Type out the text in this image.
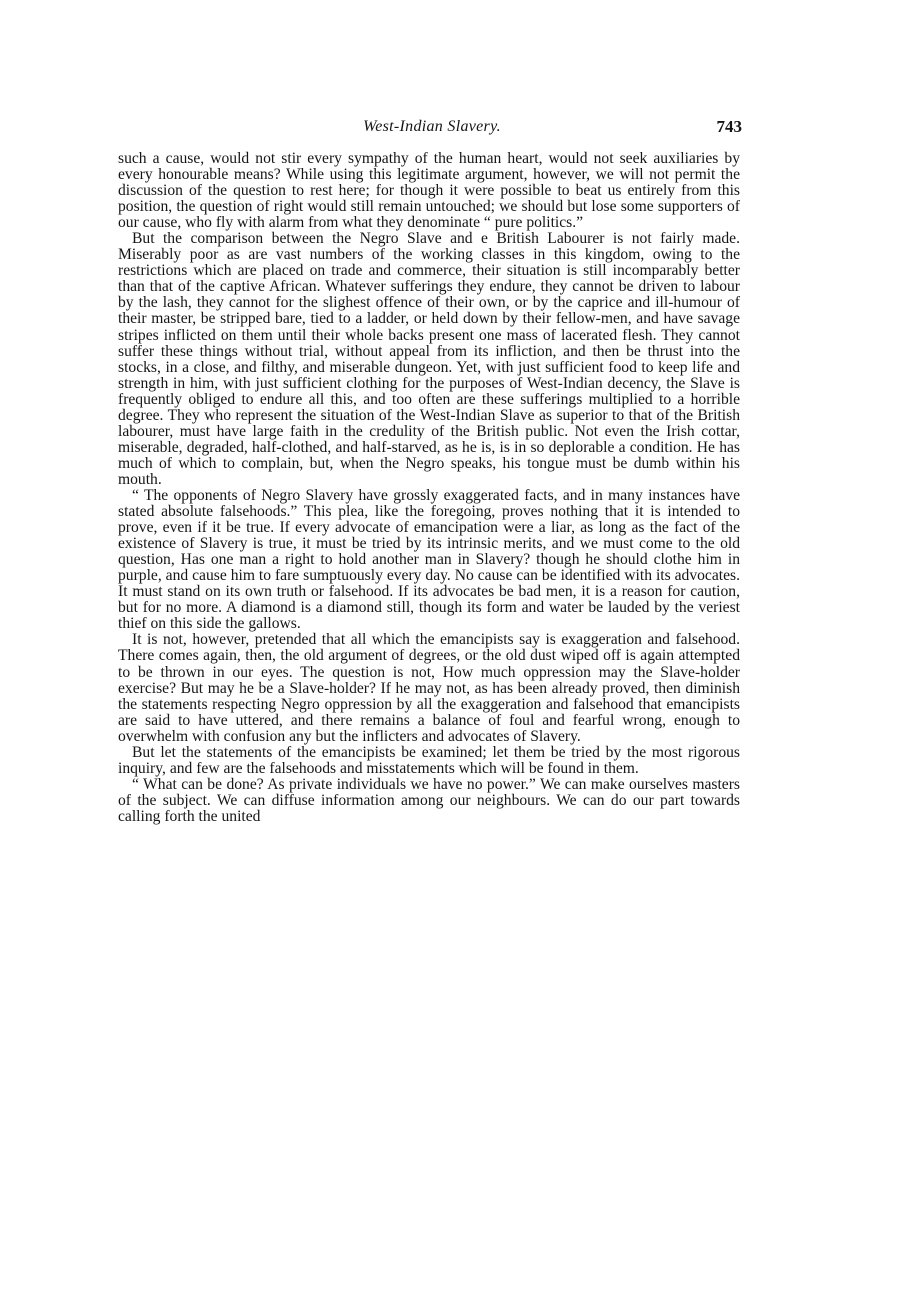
West-Indian Slavery.	743

such a cause, would not stir every sympathy of the human heart, would not seek auxiliaries by every honourable means? While using this legitimate argument, however, we will not permit the discussion of the question to rest here; for though it were possible to beat us entirely from this position, the question of right would still remain untouched; we should but lose some supporters of our cause, who fly with alarm from what they denominate “ pure politics.”

But the comparison between the Negro Slave and e British Labourer is not fairly made. Miserably poor as are vast numbers of the working classes in this kingdom, owing to the restrictions which are placed on trade and commerce, their situation is still incomparably better than that of the captive African. Whatever sufferings they endure, they cannot be driven to labour by the lash, they cannot for the slighest offence of their own, or by the caprice and ill-humour of their master, be stripped bare, tied to a ladder, or held down by their fellow-men, and have savage stripes inflicted on them until their whole backs present one mass of lacerated flesh. They cannot suffer these things without trial, without appeal from its infliction, and then be thrust into the stocks, in a close, and filthy, and miserable dungeon. Yet, with just sufficient food to keep life and strength in him, with just sufficient clothing for the purposes of West-Indian decency, the Slave is frequently obliged to endure all this, and too often are these sufferings multiplied to a horrible degree. They who represent the situation of the West-Indian Slave as superior to that of the British labourer, must have large faith in the credulity of the British public. Not even the Irish cottar, miserable, degraded, half-clothed, and half-starved, as he is, is in so deplorable a condition. He has much of which to complain, but, when the Negro speaks, his tongue must be dumb within his mouth.

“ The opponents of Negro Slavery have grossly exaggerated facts, and in many instances have stated absolute falsehoods.” This plea, like the foregoing, proves nothing that it is intended to prove, even if it be true. If every advocate of emancipation were a liar, as long as the fact of the existence of Slavery is true, it must be tried by its intrinsic merits, and we must come to the old question, Has one man a right to hold another man in Slavery? though he should clothe him in purple, and cause him to fare sumptuously every day. No cause can be identified with its advocates. It must stand on its own truth or falsehood. If its advocates be bad men, it is a reason for caution, but for no more. A diamond is a diamond still, though its form and water be lauded by the veriest thief on this side the gallows.

It is not, however, pretended that all which the emancipists say is exaggeration and falsehood. There comes again, then, the old argument of degrees, or the old dust wiped off is again attempted to be thrown in our eyes. The question is not, How much oppression may the Slave-holder exercise? But may he be a Slave-holder? If he may not, as has been already proved, then diminish the statements respecting Negro oppression by all the exaggeration and falsehood that emancipists are said to have uttered, and there remains a balance of foul and fearful wrong, enough to overwhelm with confusion any but the inflicters and advocates of Slavery.

But let the statements of the emancipists be examined; let them be tried by the most rigorous inquiry, and few are the falsehoods and misstatements which will be found in them.

“ What can be done? As private individuals we have no power.” We can make ourselves masters of the subject. We can diffuse information among our neighbours. We can do our part towards calling forth the united
